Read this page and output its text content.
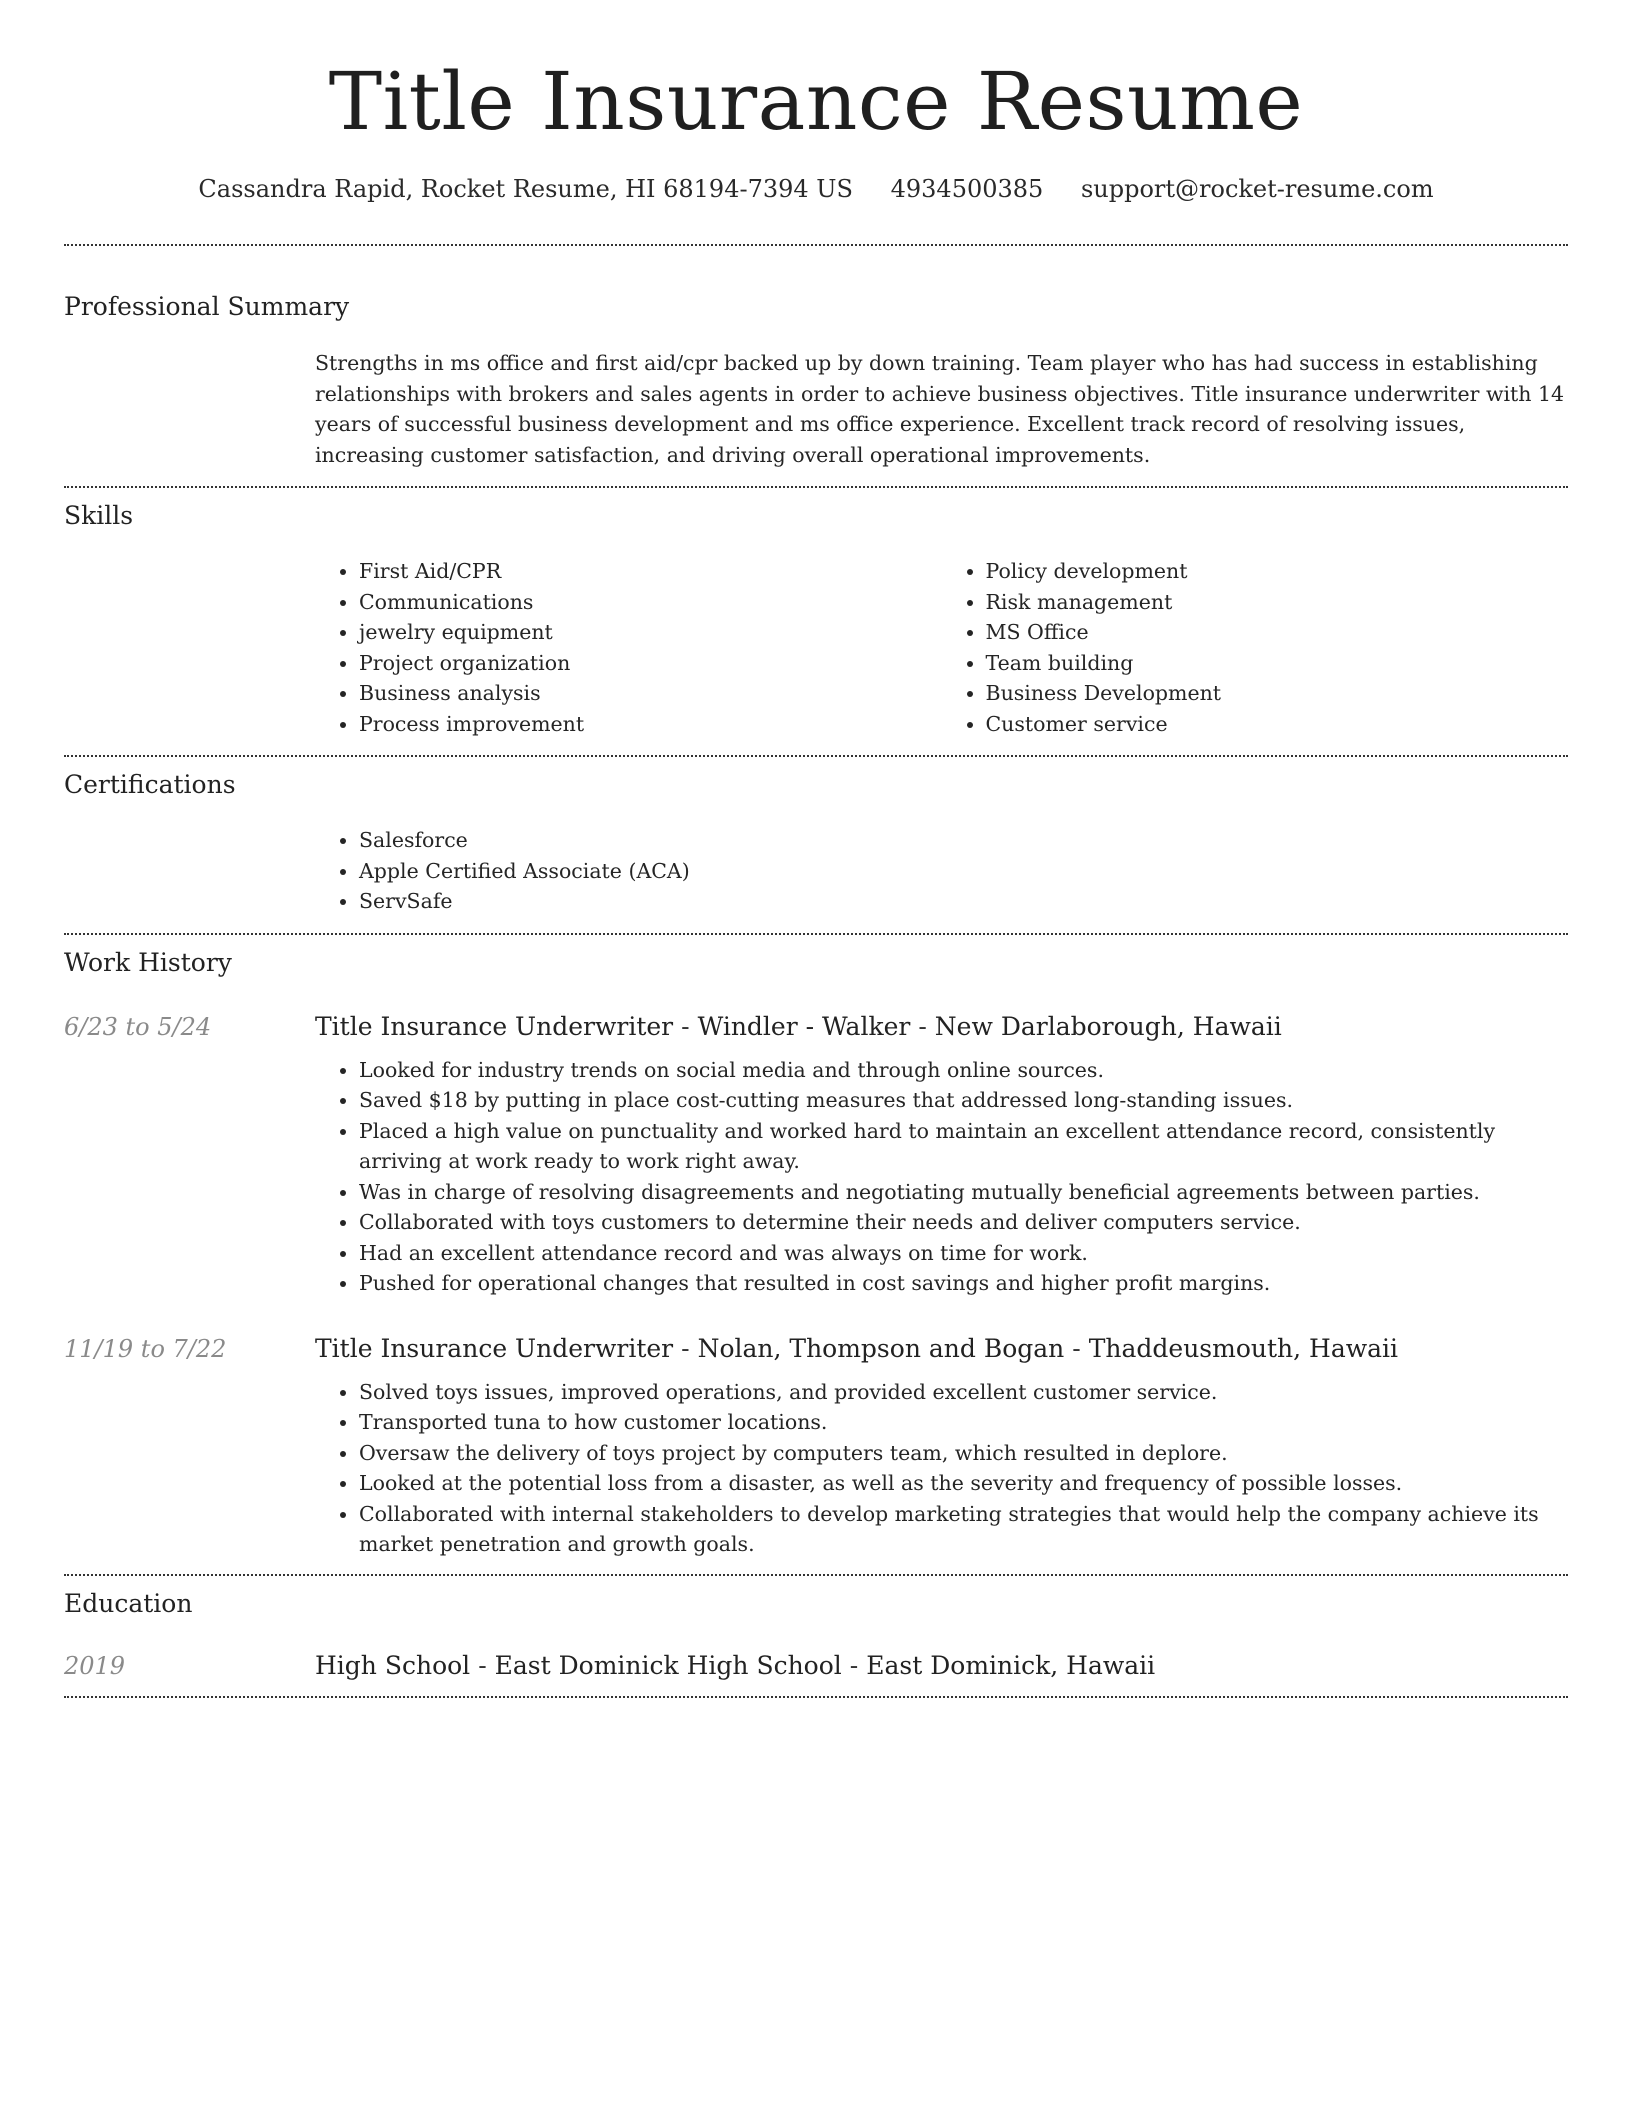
Title Insurance Resume
Cassandra Rapid, Rocket Resume, HI 68194-7394 US 4934500385 support@rocket-resume.com
Professional Summary
Strengths in ms office and first aid/cpr backed up by down training. Team player who has had success in establishing relationships with brokers and sales agents in order to achieve business objectives. Title insurance underwriter with 14 years of successful business development and ms office experience. Excellent track record of resolving issues, increasing customer satisfaction, and driving overall operational improvements.
Skills
• First Aid/CPR
• Communications
• jewelry equipment
• Project organization
• Business analysis
• Process improvement
• Policy development
• Risk management
• MS Office
• Team building
• Business Development
• Customer service
Certifications
• Salesforce
• Apple Certified Associate (ACA)
• ServSafe
Work History
6/23 to 5/24	Title Insurance Underwriter - Windler - Walker - New Darlaborough, Hawaii
• Looked for industry trends on social media and through online sources.
• Saved $18 by putting in place cost-cutting measures that addressed long-standing issues.
• Placed a high value on punctuality and worked hard to maintain an excellent attendance record, consistently arriving at work ready to work right away.
• Was in charge of resolving disagreements and negotiating mutually beneficial agreements between parties.
• Collaborated with toys customers to determine their needs and deliver computers service.
• Had an excellent attendance record and was always on time for work.
• Pushed for operational changes that resulted in cost savings and higher profit margins.
11/19 to 7/22	Title Insurance Underwriter - Nolan, Thompson and Bogan - Thaddeusmouth, Hawaii
• Solved toys issues, improved operations, and provided excellent customer service.
• Transported tuna to how customer locations.
• Oversaw the delivery of toys project by computers team, which resulted in deplore.
• Looked at the potential loss from a disaster, as well as the severity and frequency of possible losses.
• Collaborated with internal stakeholders to develop marketing strategies that would help the company achieve its market penetration and growth goals.
Education
2019	High School - East Dominick High School - East Dominick, Hawaii
